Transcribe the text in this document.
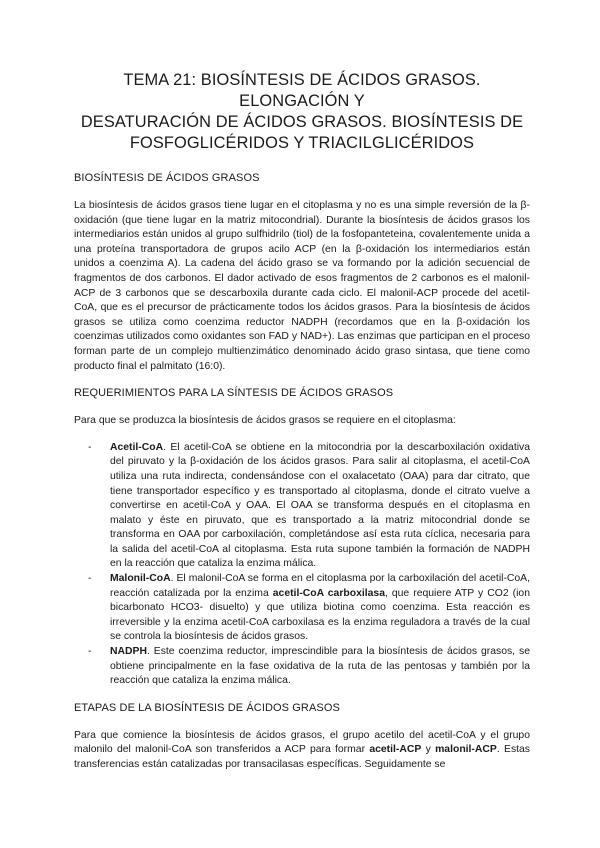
TEMA 21: BIOSÍNTESIS DE ÁCIDOS GRASOS. ELONGACIÓN Y
DESATURACIÓN DE ÁCIDOS GRASOS. BIOSÍNTESIS DE
FOSFOGLICÉRIDOS Y TRIACILGLICÉRIDOS
BIOSÍNTESIS DE ÁCIDOS GRASOS

La biosíntesis de ácidos grasos tiene lugar en el citoplasma y no es una simple reversión de la β-oxidación (que tiene lugar en la matriz mitocondrial). Durante la biosíntesis de ácidos grasos los intermediarios están unidos al grupo sulfhidrilo (tiol) de la fosfopanteteina, covalentemente unida a una proteína transportadora de grupos acilo ACP (en la β-oxidación los intermediarios están unidos a coenzima A). La cadena del ácido graso se va formando por la adición secuencial de fragmentos de dos carbonos. El dador activado de esos fragmentos de 2 carbonos es el malonil-ACP de 3 carbonos que se descarboxila durante cada ciclo. El malonil-ACP procede del acetil-CoA, que es el precursor de prácticamente todos los ácidos grasos. Para la biosíntesis de ácidos grasos se utiliza como coenzima reductor NADPH (recordamos que en la β-oxidación los coenzimas utilizados como oxidantes son FAD y NAD+). Las enzimas que participan en el proceso forman parte de un complejo multienzimático denominado ácido graso sintasa, que tiene como producto final el palmitato (16:0).

REQUERIMIENTOS PARA LA SÍNTESIS DE ÁCIDOS GRASOS

Para que se produzca la biosíntesis de ácidos grasos se requiere en el citoplasma:

- Acetil-CoA. El acetil-CoA se obtiene en la mitocondria por la descarboxilación oxidativa del piruvato y la β-oxidación de los ácidos grasos. Para salir al citoplasma, el acetil-CoA utiliza una ruta indirecta, condensándose con el oxalacetato (OAA) para dar citrato, que tiene transportador específico y es transportado al citoplasma, donde el citrato vuelve a convertirse en acetil-CoA y OAA. El OAA se transforma después en el citoplasma en malato y éste en piruvato, que es transportado a la matriz mitocondrial donde se transforma en OAA por carboxilación, completándose así esta ruta cíclica, necesaria para la salida del acetil-CoA al citoplasma. Esta ruta supone también la formación de NADPH en la reacción que cataliza la enzima málica.
- Malonil-CoA. El malonil-CoA se forma en el citoplasma por la carboxilación del acetil-CoA, reacción catalizada por la enzima acetil-CoA carboxilasa, que requiere ATP y CO2 (ion bicarbonato HCO3- disuelto) y que utiliza biotina como coenzima. Esta reacción es irreversible y la enzima acetil-CoA carboxilasa es la enzima reguladora a través de la cual se controla la biosíntesis de ácidos grasos.
- NADPH. Este coenzima reductor, imprescindible para la biosíntesis de ácidos grasos, se obtiene principalmente en la fase oxidativa de la ruta de las pentosas y también por la reacción que cataliza la enzima málica.
ETAPAS DE LA BIOSÍNTESIS DE ÁCIDOS GRASOS

Para que comience la biosíntesis de ácidos grasos, el grupo acetilo del acetil-CoA y el grupo malonilo del malonil-CoA son transferidos a ACP para formar acetil-ACP y malonil-ACP. Estas transferencias están catalizadas por transacilasas específicas. Seguidamente se
